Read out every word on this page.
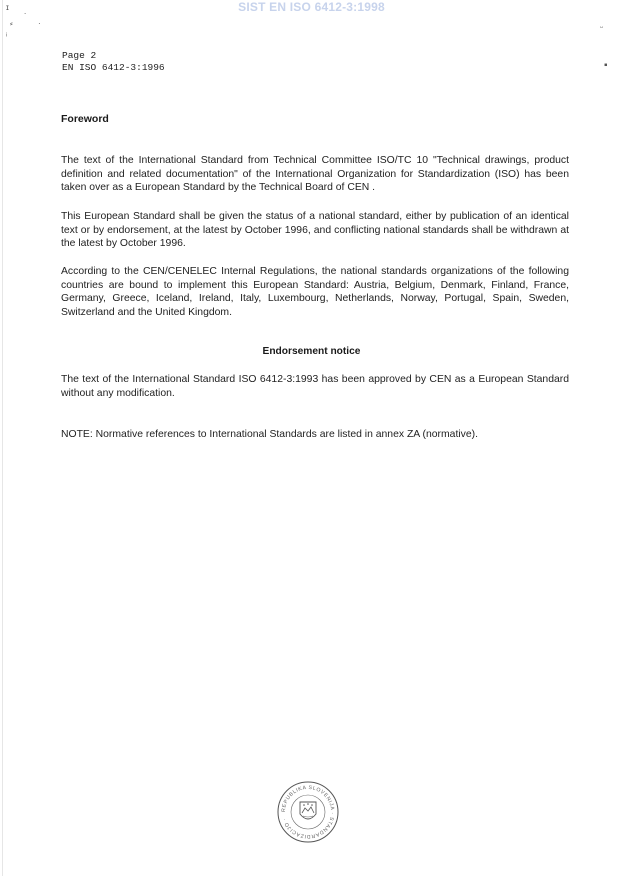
SIST EN ISO 6412-3:1998
ɪ .
⸗
ᵢ
·	ᵕ
▪
Page 2
EN ISO 6412-3:1996
Foreword
The text of the International Standard from Technical Committee ISO/TC 10 "Technical drawings, product definition and related documentation" of the International Organization for Standardization (ISO) has been taken over as a European Standard by the Technical Board of CEN .
This European Standard shall be given the status of a national standard, either by publication of an identical text or by endorsement, at the latest by October 1996, and conflicting national standards shall be withdrawn at the latest by October 1996.
According to the CEN/CENELEC Internal Regulations, the national standards organizations of the following countries are bound to implement this European Standard: Austria, Belgium, Denmark, Finland, France, Germany, Greece, Iceland, Ireland, Italy, Luxembourg, Netherlands, Norway, Portugal, Spain, Sweden, Switzerland and the United Kingdom.
Endorsement notice
The text of the International Standard ISO 6412-3:1993 has been approved by CEN as a European Standard without any modification.
NOTE: Normative references to International Standards are listed in annex ZA (normative).
REPUBLIKA SLOVENIJA · STANDARDIZACIJO ·
